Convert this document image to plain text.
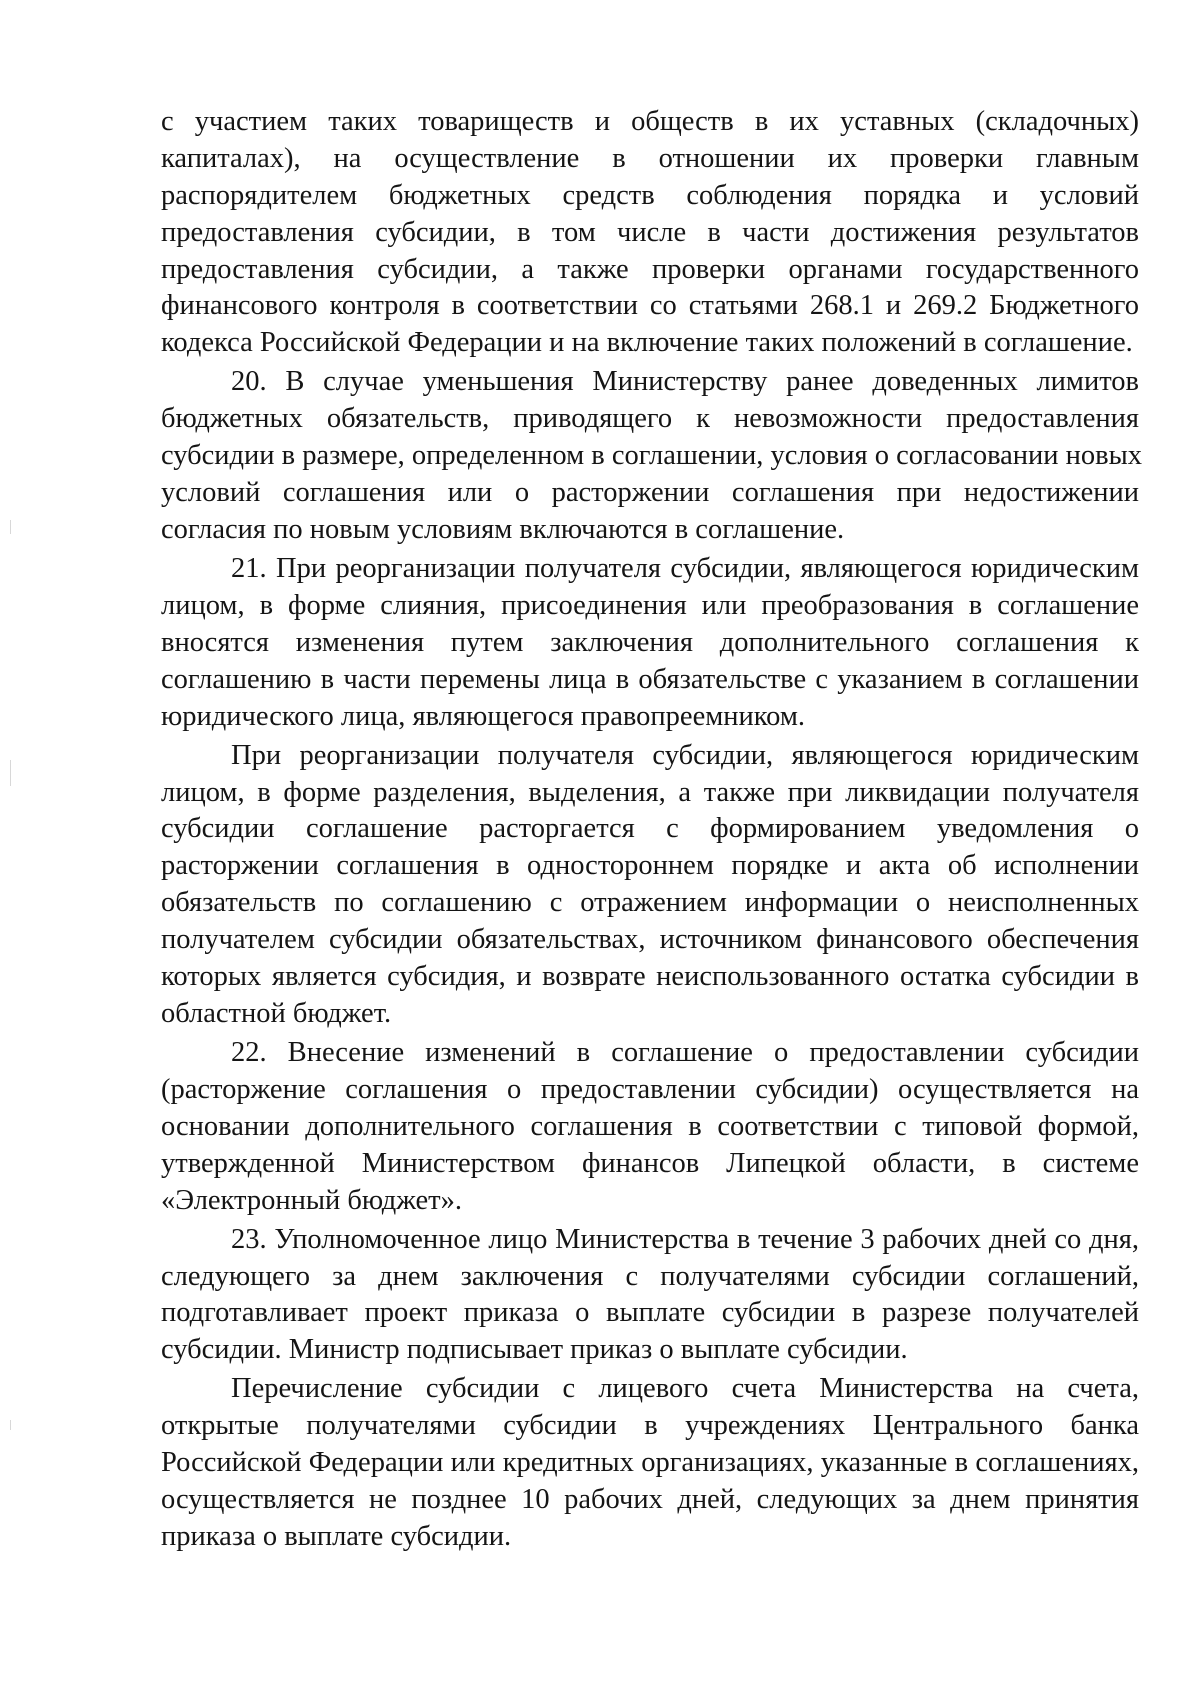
с участием таких товариществ и обществ в их уставных (складочных)
капиталах), на осуществление в отношении их проверки главным
распорядителем бюджетных средств соблюдения порядка и условий
предоставления субсидии, в том числе в части достижения результатов
предоставления субсидии, а также проверки органами государственного
финансового контроля в соответствии со статьями 268.1 и 269.2 Бюджетного
кодекса Российской Федерации и на включение таких положений в соглашение.
20. В случае уменьшения Министерству ранее доведенных лимитов
бюджетных обязательств, приводящего к невозможности предоставления
субсидии в размере, определенном в соглашении, условия о согласовании новых
условий соглашения или о расторжении соглашения при недостижении
согласия по новым условиям включаются в соглашение.
21. При реорганизации получателя субсидии, являющегося юридическим
лицом, в форме слияния, присоединения или преобразования в соглашение
вносятся изменения путем заключения дополнительного соглашения к
соглашению в части перемены лица в обязательстве с указанием в соглашении
юридического лица, являющегося правопреемником.
При реорганизации получателя субсидии, являющегося юридическим
лицом, в форме разделения, выделения, а также при ликвидации получателя
субсидии соглашение расторгается с формированием уведомления о
расторжении соглашения в одностороннем порядке и акта об исполнении
обязательств по соглашению с отражением информации о неисполненных
получателем субсидии обязательствах, источником финансового обеспечения
которых является субсидия, и возврате неиспользованного остатка субсидии в
областной бюджет.
22. Внесение изменений в соглашение о предоставлении субсидии
(расторжение соглашения о предоставлении субсидии) осуществляется на
основании дополнительного соглашения в соответствии с типовой формой,
утвержденной Министерством финансов Липецкой области, в системе
«Электронный бюджет».
23. Уполномоченное лицо Министерства в течение 3 рабочих дней со дня,
следующего за днем заключения с получателями субсидии соглашений,
подготавливает проект приказа о выплате субсидии в разрезе получателей
субсидии. Министр подписывает приказ о выплате субсидии.
Перечисление субсидии с лицевого счета Министерства на счета,
открытые получателями субсидии в учреждениях Центрального банка
Российской Федерации или кредитных организациях, указанные в соглашениях,
осуществляется не позднее 10 рабочих дней, следующих за днем принятия
приказа о выплате субсидии.
